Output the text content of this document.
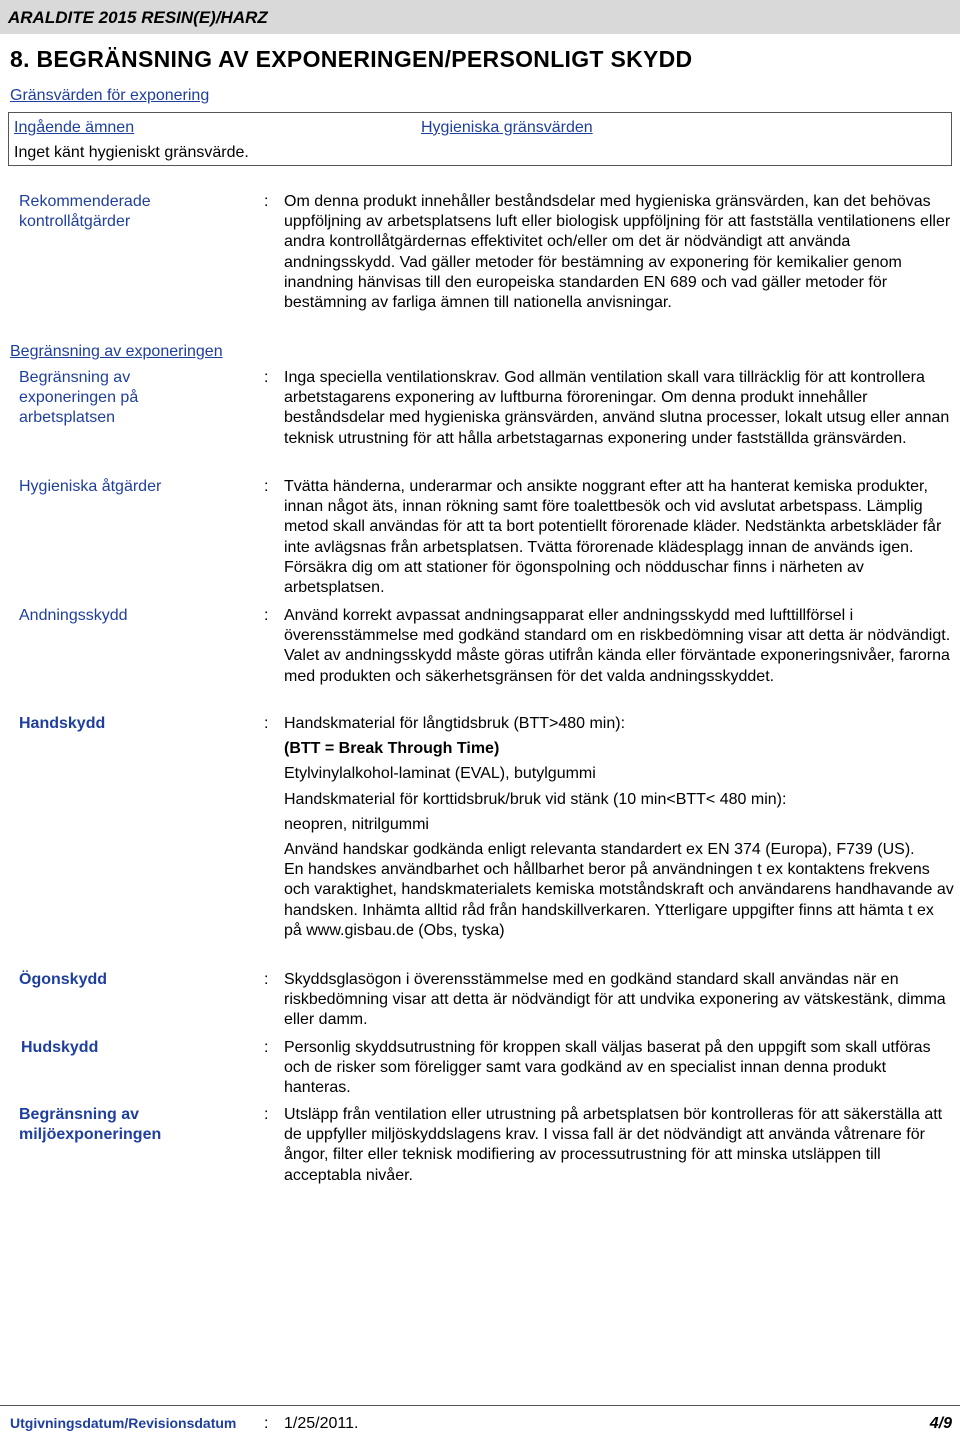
ARALDITE 2015 RESIN(E)/HARZ
8. BEGRÄNSNING AV EXPONERINGEN/PERSONLIGT SKYDD
Gränsvärden för exponering
Ingående ämnen	Hygieniska gränsvärden
Inget känt hygieniskt gränsvärde.
Rekommenderade kontrollåtgärder
: Om denna produkt innehåller beståndsdelar med hygieniska gränsvärden, kan det behövas uppföljning av arbetsplatsens luft eller biologisk uppföljning för att fastställa ventilationens eller andra kontrollåtgärdernas effektivitet och/eller om det är nödvändigt att använda andningsskydd. Vad gäller metoder för bestämning av exponering för kemikalier genom inandning hänvisas till den europeiska standarden EN 689 och vad gäller metoder för bestämning av farliga ämnen till nationella anvisningar.
Begränsning av exponeringen
Begränsning av exponeringen på arbetsplatsen
: Inga speciella ventilationskrav. God allmän ventilation skall vara tillräcklig för att kontrollera arbetstagarens exponering av luftburna föroreningar. Om denna produkt innehåller beståndsdelar med hygieniska gränsvärden, använd slutna processer, lokalt utsug eller annan teknisk utrustning för att hålla arbetstagarnas exponering under fastställda gränsvärden.
Hygieniska åtgärder	: Tvätta händerna, underarmar och ansikte noggrant efter att ha hanterat kemiska produkter, innan något äts, innan rökning samt före toalettbesök och vid avslutat arbetspass. Lämplig metod skall användas för att ta bort potentiellt förorenade kläder. Nedstänkta arbetskläder får inte avlägsnas från arbetsplatsen. Tvätta förorenade klädesplagg innan de används igen. Försäkra dig om att stationer för ögonspolning och nödduschar finns i närheten av arbetsplatsen.
Andningsskydd	: Använd korrekt avpassat andningsapparat eller andningsskydd med lufttillförsel i överensstämmelse med godkänd standard om en riskbedömning visar att detta är nödvändigt. Valet av andningsskydd måste göras utifrån kända eller förväntade exponeringsnivåer, farorna med produkten och säkerhetsgränsen för det valda andningsskyddet.
Handskydd	: Handskmaterial för långtidsbruk (BTT>480 min):

(BTT = Break Through Time)

Etylvinylalkohol-laminat (EVAL), butylgummi

Handskmaterial för korttidsbruk/bruk vid stänk (10 min<BTT< 480 min):

neopren, nitrilgummi

Använd handskar godkända enligt relevanta standardert ex EN 374 (Europa), F739 (US).
En handskes användbarhet och hållbarhet beror på användningen t ex kontaktens frekvens och varaktighet, handskmaterialets kemiska motståndskraft och användarens handhavande av handsken. Inhämta alltid råd från handskillverkaren. Ytterligare uppgifter finns att hämta t ex på www.gisbau.de (Obs, tyska)

Ögonskydd	: Skyddsglasögon i överensstämmelse med en godkänd standard skall användas när en riskbedömning visar att detta är nödvändigt för att undvika exponering av vätskestänk, dimma eller damm.
Hudskydd	: Personlig skyddsutrustning för kroppen skall väljas baserat på den uppgift som skall utföras och de risker som föreligger samt vara godkänd av en specialist innan denna produkt hanteras.
Begränsning av miljöexponeringen
: Utsläpp från ventilation eller utrustning på arbetsplatsen bör kontrolleras för att säkerställa att de uppfyller miljöskyddslagens krav. I vissa fall är det nödvändigt att använda våtrenare för ångor, filter eller teknisk modifiering av processutrustning för att minska utsläppen till acceptabla nivåer.
Utgivningsdatum/Revisionsdatum : 1/25/2011.	4/9
